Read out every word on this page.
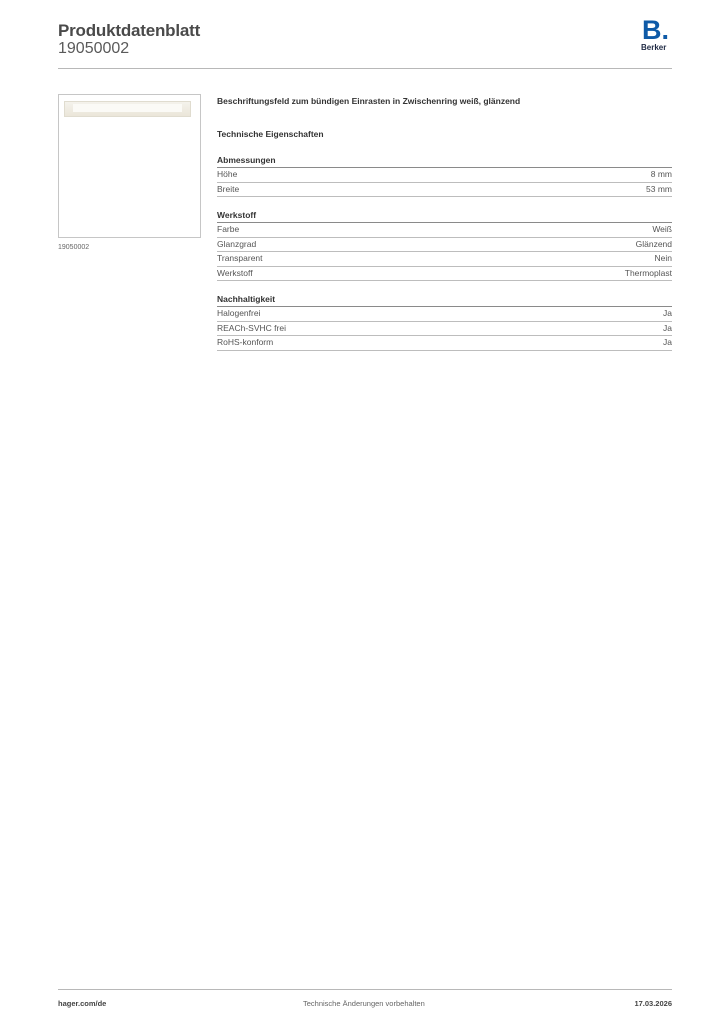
Produktdatenblatt
19050002
B.
Berker
19050002
Beschriftungsfeld zum bündigen Einrasten in Zwischenring weiß, glänzend
Technische Eigenschaften
Abmessungen
Höhe	8 mm
Breite	53 mm
Werkstoff
Farbe	Weiß
Glanzgrad	Glänzend
Transparent	Nein
Werkstoff	Thermoplast
Nachhaltigkeit
Halogenfrei	Ja
REACh-SVHC frei	Ja
RoHS-konform	Ja
hager.com/de	Technische Änderungen vorbehalten	17.03.2026
